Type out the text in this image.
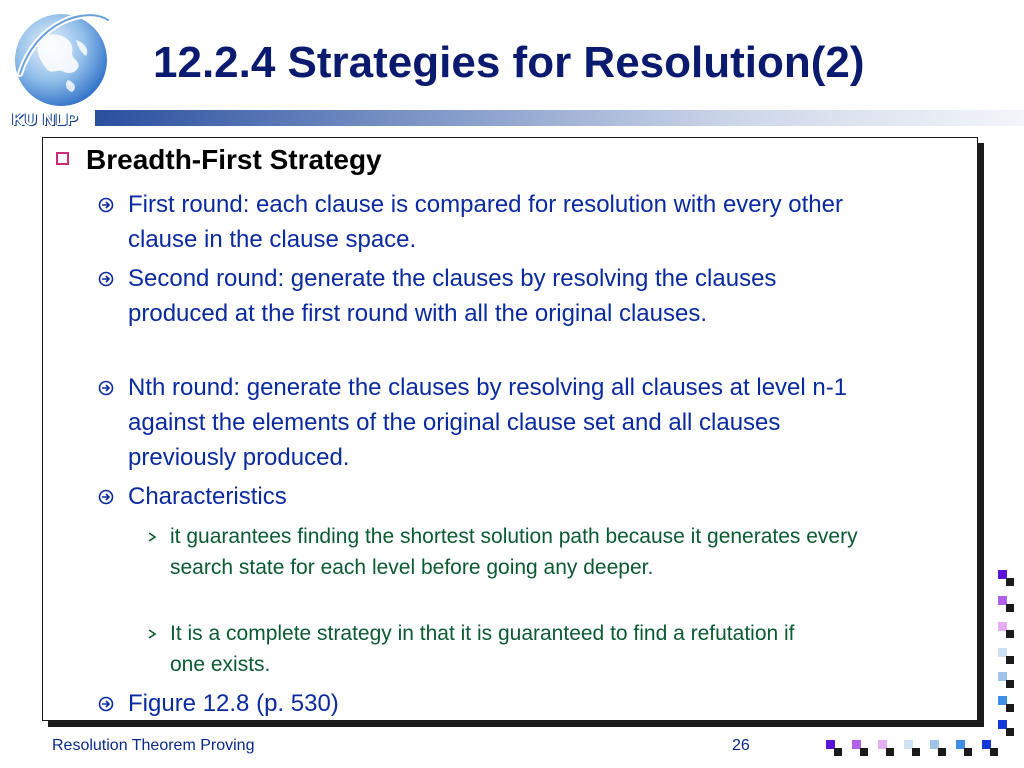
KU NLP
12.2.4 Strategies for Resolution(2)
Breadth-First Strategy
First round: each clause is compared for resolution with every other clause in the clause space.
Second round: generate the clauses by resolving the clauses produced at the first round with all the original clauses.
Nth round: generate the clauses by resolving all clauses at level n-1 against the elements of the original clause set and all clauses previously produced.
Characteristics
it guarantees finding the shortest solution path because it generates every search state for each level before going any deeper.
It is a complete strategy in that it is guaranteed to find a refutation if one exists.
Figure 12.8 (p. 530)
Resolution Theorem Proving	26
